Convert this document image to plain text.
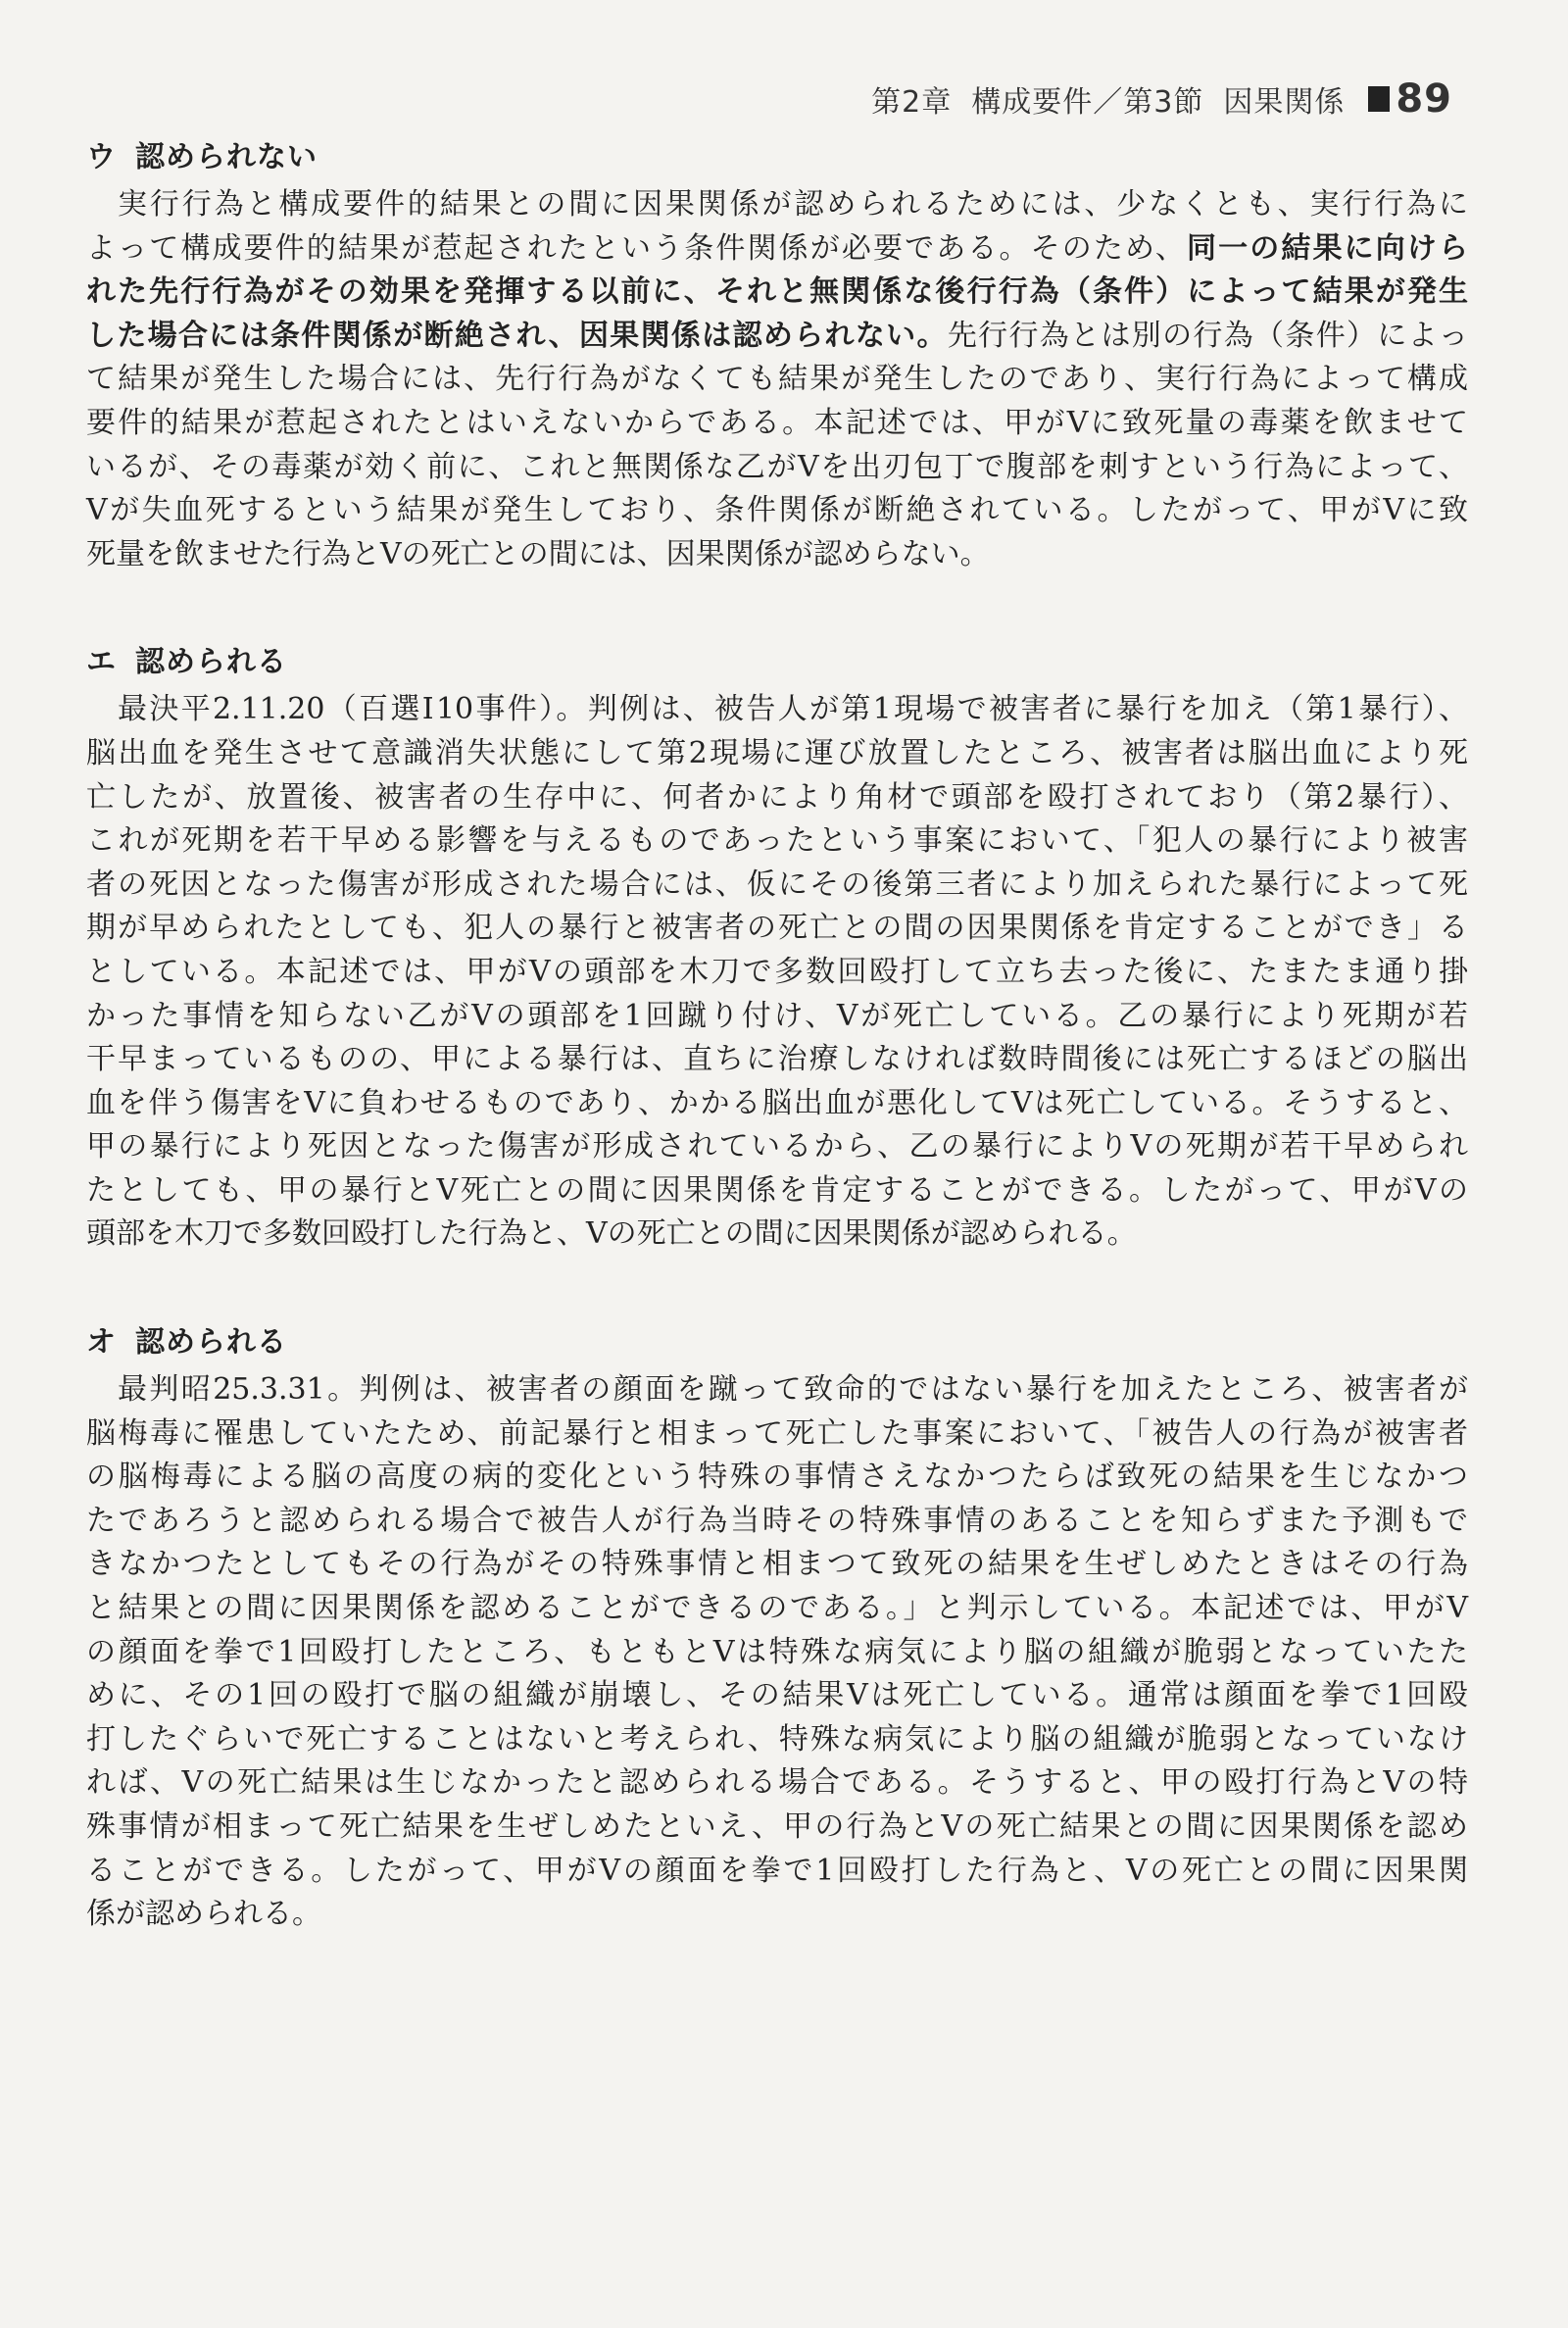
第2章 構成要件／第3節 因果関係 89
ウ 認められない

実行行為と構成要件的結果との間に因果関係が認められるためには、少なくとも、実行行為に

よって構成要件的結果が惹起されたという条件関係が必要である。そのため、同一の結果に向けら

れた先行行為がその効果を発揮する以前に、それと無関係な後行行為（条件）によって結果が発生

した場合には条件関係が断絶され、因果関係は認められない。先行行為とは別の行為（条件）によっ

て結果が発生した場合には、先行行為がなくても結果が発生したのであり、実行行為によって構成

要件的結果が惹起されたとはいえないからである。本記述では、甲がVに致死量の毒薬を飲ませて

いるが、その毒薬が効く前に、これと無関係な乙がVを出刃包丁で腹部を刺すという行為によって、

Vが失血死するという結果が発生しており、条件関係が断絶されている。したがって、甲がVに致

死量を飲ませた行為とVの死亡との間には、因果関係が認めらない。

エ 認められる

最決平2.11.20（百選Ⅰ10事件）。判例は、被告人が第1現場で被害者に暴行を加え（第1暴行）、

脳出血を発生させて意識消失状態にして第2現場に運び放置したところ、被害者は脳出血により死

亡したが、放置後、被害者の生存中に、何者かにより角材で頭部を殴打されており（第2暴行）、

これが死期を若干早める影響を与えるものであったという事案において、「犯人の暴行により被害

者の死因となった傷害が形成された場合には、仮にその後第三者により加えられた暴行によって死

期が早められたとしても、犯人の暴行と被害者の死亡との間の因果関係を肯定することができ」る

としている。本記述では、甲がVの頭部を木刀で多数回殴打して立ち去った後に、たまたま通り掛

かった事情を知らない乙がVの頭部を1回蹴り付け、Vが死亡している。乙の暴行により死期が若

干早まっているものの、甲による暴行は、直ちに治療しなければ数時間後には死亡するほどの脳出

血を伴う傷害をVに負わせるものであり、かかる脳出血が悪化してVは死亡している。そうすると、

甲の暴行により死因となった傷害が形成されているから、乙の暴行によりVの死期が若干早められ

たとしても、甲の暴行とV死亡との間に因果関係を肯定することができる。したがって、甲がVの

頭部を木刀で多数回殴打した行為と、Vの死亡との間に因果関係が認められる。

オ 認められる

最判昭25.3.31。判例は、被害者の顔面を蹴って致命的ではない暴行を加えたところ、被害者が

脳梅毒に罹患していたため、前記暴行と相まって死亡した事案において、「被告人の行為が被害者

の脳梅毒による脳の高度の病的変化という特殊の事情さえなかつたらば致死の結果を生じなかつ

たであろうと認められる場合で被告人が行為当時その特殊事情のあることを知らずまた予測もで

きなかつたとしてもその行為がその特殊事情と相まつて致死の結果を生ぜしめたときはその行為

と結果との間に因果関係を認めることができるのである。」と判示している。本記述では、甲がV

の顔面を拳で1回殴打したところ、もともとVは特殊な病気により脳の組織が脆弱となっていたた

めに、その1回の殴打で脳の組織が崩壊し、その結果Vは死亡している。通常は顔面を拳で1回殴

打したぐらいで死亡することはないと考えられ、特殊な病気により脳の組織が脆弱となっていなけ

れば、Vの死亡結果は生じなかったと認められる場合である。そうすると、甲の殴打行為とVの特

殊事情が相まって死亡結果を生ぜしめたといえ、甲の行為とVの死亡結果との間に因果関係を認め

ることができる。したがって、甲がVの顔面を拳で1回殴打した行為と、Vの死亡との間に因果関

係が認められる。
